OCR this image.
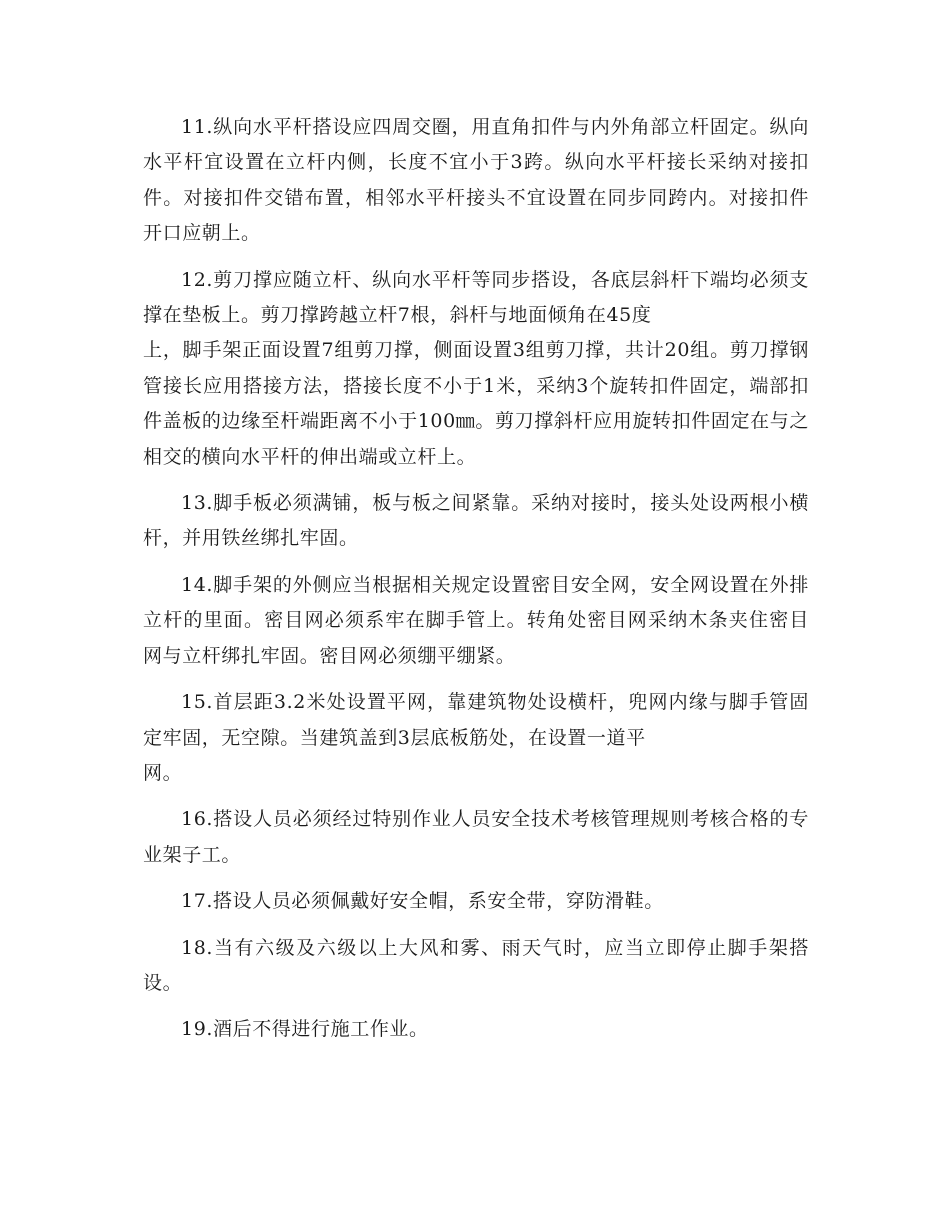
11.纵向水平杆搭设应四周交圈，用直角扣件与内外角部立杆固定。纵向水平杆宜设置在立杆内侧，长度不宜小于3跨。纵向水平杆接长采纳对接扣件。对接扣件交错布置，相邻水平杆接头不宜设置在同步同跨内。对接扣件开口应朝上。

12.剪刀撑应随立杆、纵向水平杆等同步搭设，各底层斜杆下端均必须支撑在垫板上。剪刀撑跨越立杆7根，斜杆与地面倾角在45度
上，脚手架正面设置7组剪刀撑，侧面设置3组剪刀撑，共计20组。剪刀撑钢管接长应用搭接方法，搭接长度不小于1米，采纳3个旋转扣件固定，端部扣件盖板的边缘至杆端距离不小于100㎜。剪刀撑斜杆应用旋转扣件固定在与之相交的横向水平杆的伸出端或立杆上。

13.脚手板必须满铺，板与板之间紧靠。采纳对接时，接头处设两根小横杆，并用铁丝绑扎牢固。

14.脚手架的外侧应当根据相关规定设置密目安全网，安全网设置在外排立杆的里面。密目网必须系牢在脚手管上。转角处密目网采纳木条夹住密目网与立杆绑扎牢固。密目网必须绷平绷紧。

15.首层距3.2米处设置平网，靠建筑物处设横杆，兜网内缘与脚手管固定牢固，无空隙。当建筑盖到3层底板筋处，在设置一道平
网。

16.搭设人员必须经过特别作业人员安全技术考核管理规则考核合格的专业架子工。

17.搭设人员必须佩戴好安全帽，系安全带，穿防滑鞋。

18.当有六级及六级以上大风和雾、雨天气时，应当立即停止脚手架搭设。

19.酒后不得进行施工作业。
